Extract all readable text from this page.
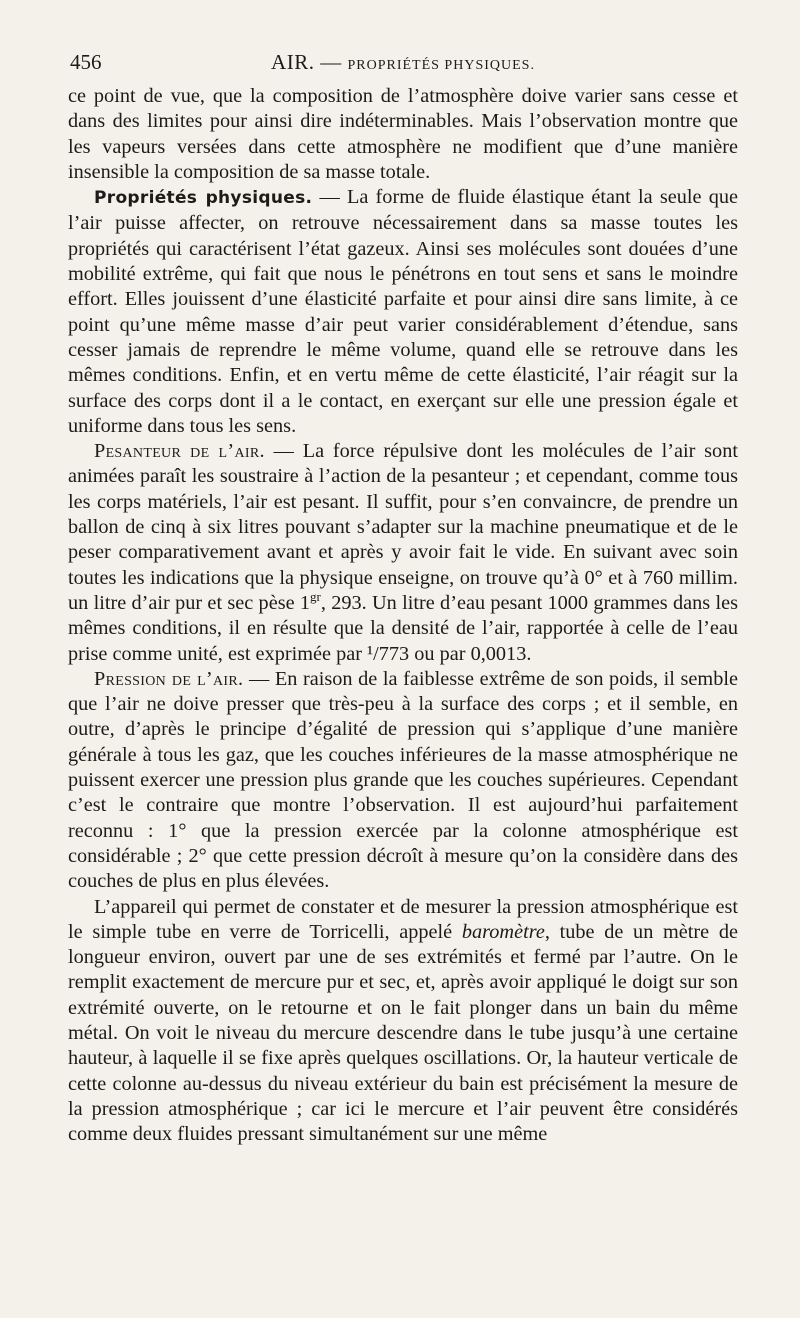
456	AIR. — PROPRIÉTÉS PHYSIQUES.

ce point de vue, que la composition de l’atmosphère doive varier sans cesse et dans des limites pour ainsi dire indéterminables. Mais l’observation montre que les vapeurs versées dans cette atmosphère ne modifient que d’une manière insensible la composition de sa masse totale.

Propriétés physiques. — La forme de fluide élastique étant la seule que l’air puisse affecter, on retrouve nécessairement dans sa masse toutes les propriétés qui caractérisent l’état gazeux. Ainsi ses molécules sont douées d’une mobilité extrême, qui fait que nous le pénétrons en tout sens et sans le moindre effort. Elles jouissent d’une élasticité parfaite et pour ainsi dire sans limite, à ce point qu’une même masse d’air peut varier considérablement d’étendue, sans cesser jamais de reprendre le même volume, quand elle se retrouve dans les mêmes conditions. Enfin, et en vertu même de cette élasticité, l’air réagit sur la surface des corps dont il a le contact, en exerçant sur elle une pression égale et uniforme dans tous les sens.

Pesanteur de l’air. — La force répulsive dont les molécules de l’air sont animées paraît les soustraire à l’action de la pesanteur ; et cependant, comme tous les corps matériels, l’air est pesant. Il suffit, pour s’en convaincre, de prendre un ballon de cinq à six litres pouvant s’adapter sur la machine pneumatique et de le peser comparativement avant et après y avoir fait le vide. En suivant avec soin toutes les indications que la physique enseigne, on trouve qu’à 0° et à 760 millim. un litre d’air pur et sec pèse $1^{gr}$, 293. Un litre d’eau pesant 1000 grammes dans les mêmes conditions, il en résulte que la densité de l’air, rapportée à celle de l’eau prise comme unité, est exprimée par ¹/773 ou par 0,0013.

Pression de l’air. — En raison de la faiblesse extrême de son poids, il semble que l’air ne doive presser que très-peu à la surface des corps ; et il semble, en outre, d’après le principe d’égalité de pression qui s’applique d’une manière générale à tous les gaz, que les couches inférieures de la masse atmosphérique ne puissent exercer une pression plus grande que les couches supérieures. Cependant c’est le contraire que montre l’observation. Il est aujourd’hui parfaitement reconnu : 1° que la pression exercée par la colonne atmosphérique est considérable ; 2° que cette pression décroît à mesure qu’on la considère dans des couches de plus en plus élevées.

L’appareil qui permet de constater et de mesurer la pression atmosphérique est le simple tube en verre de Torricelli, appelé baromètre, tube de un mètre de longueur environ, ouvert par une de ses extrémités et fermé par l’autre. On le remplit exactement de mercure pur et sec, et, après avoir appliqué le doigt sur son extrémité ouverte, on le retourne et on le fait plonger dans un bain du même métal. On voit le niveau du mercure descendre dans le tube jusqu’à une certaine hauteur, à laquelle il se fixe après quelques oscillations. Or, la hauteur verticale de cette colonne au-dessus du niveau extérieur du bain est précisément la mesure de la pression atmosphérique ; car ici le mercure et l’air peuvent être considérés comme deux fluides pressant simultanément sur une même
